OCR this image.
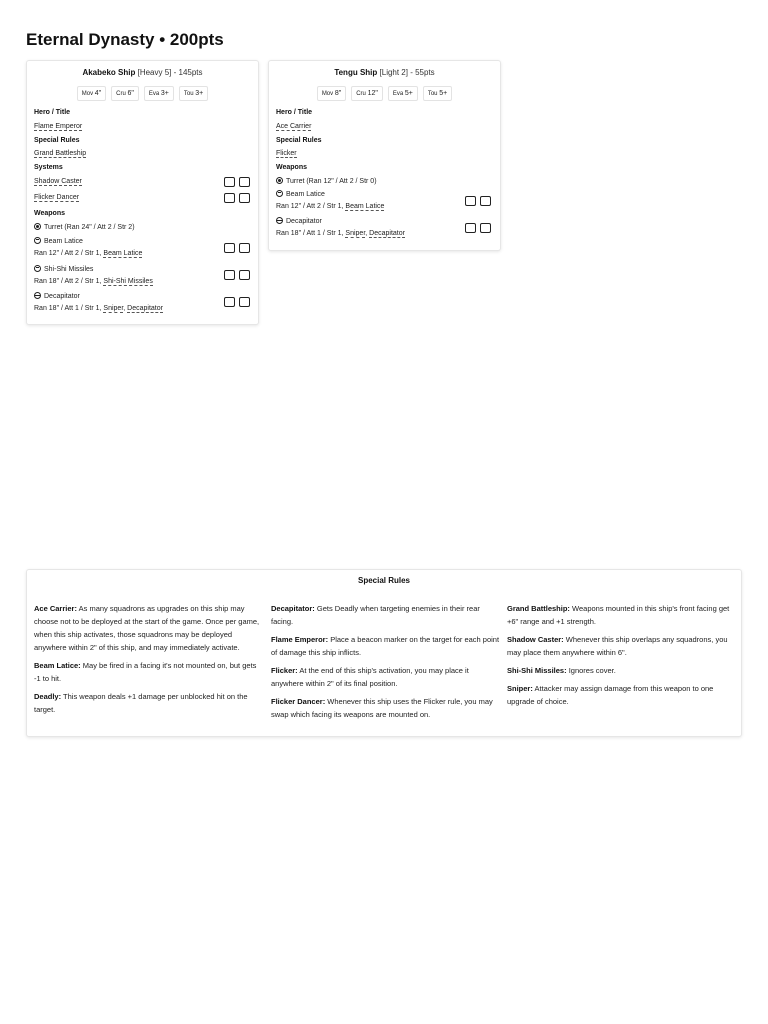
Eternal Dynasty • 200pts
Akabeko Ship [Heavy 5] - 145pts
Mov 4"	Cru 6"	Eva 3+	Tou 3+
Hero / Title
Flame Emperor
Special Rules
Grand Battleship
Systems
Shadow Caster
Flicker Dancer
Weapons
Turret (Ran 24" / Att 2 / Str 2)
Beam Latice
Ran 12" / Att 2 / Str 1, Beam Latice
Shi-Shi Missiles
Ran 18" / Att 2 / Str 1, Shi-Shi Missiles
Decapitator
Ran 18" / Att 1 / Str 1, Sniper, Decapitator
Tengu Ship [Light 2] - 55pts
Mov 8"	Cru 12"	Eva 5+	Tou 5+
Hero / Title
Ace Carrier
Special Rules
Flicker
Weapons
Turret (Ran 12" / Att 2 / Str 0)
Beam Latice
Ran 12" / Att 2 / Str 1, Beam Latice
Decapitator
Ran 18" / Att 1 / Str 1, Sniper, Decapitator
Special Rules

Ace Carrier: As many squadrons as upgrades on this ship may choose not to be deployed at the start of the game. Once per game, when this ship activates, those squadrons may be deployed anywhere within 2" of this ship, and may immediately activate.

Beam Latice: May be fired in a facing it's not mounted on, but gets -1 to hit.

Deadly: This weapon deals +1 damage per unblocked hit on the target.

Decapitator: Gets Deadly when targeting enemies in their rear facing.

Flame Emperor: Place a beacon marker on the target for each point of damage this ship inflicts.

Flicker: At the end of this ship's activation, you may place it anywhere within 2" of its final position.

Flicker Dancer: Whenever this ship uses the Flicker rule, you may swap which facing its weapons are mounted on.

Grand Battleship: Weapons mounted in this ship's front facing get +6" range and +1 strength.

Shadow Caster: Whenever this ship overlaps any squadrons, you may place them anywhere within 6".

Shi-Shi Missiles: Ignores cover.

Sniper: Attacker may assign damage from this weapon to one upgrade of choice.
